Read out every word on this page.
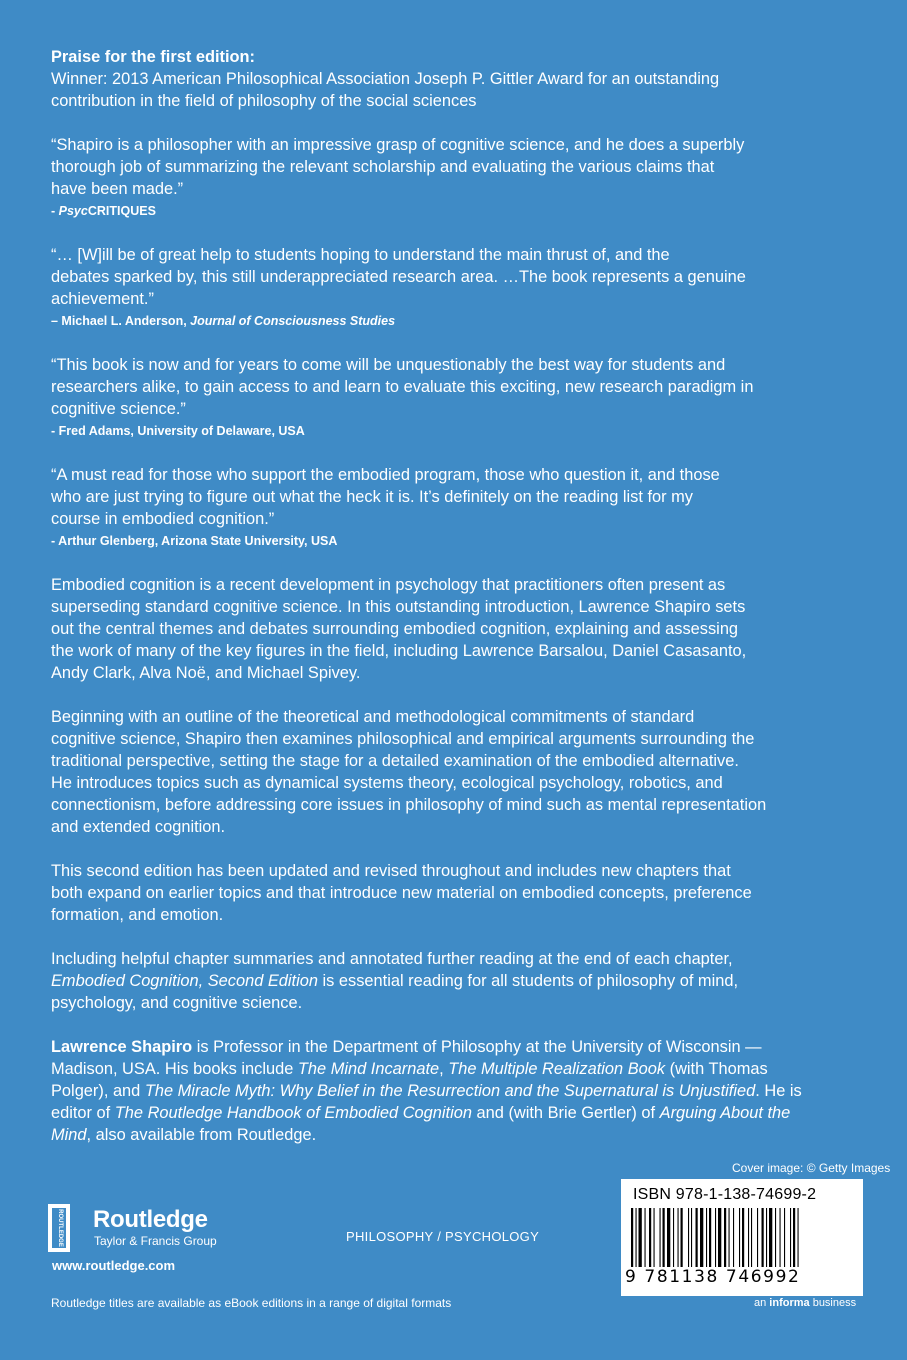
Praise for the first edition:

Winner: 2013 American Philosophical Association Joseph P. Gittler Award for an outstanding

contribution in the field of philosophy of the social sciences

“Shapiro is a philosopher with an impressive grasp of cognitive science, and he does a superbly

thorough job of summarizing the relevant scholarship and evaluating the various claims that

have been made.”

- PsycCRITIQUES

“… [W]ill be of great help to students hoping to understand the main thrust of, and the

debates sparked by, this still underappreciated research area. …The book represents a genuine

achievement.”

– Michael L. Anderson, Journal of Consciousness Studies

“This book is now and for years to come will be unquestionably the best way for students and

researchers alike, to gain access to and learn to evaluate this exciting, new research paradigm in

cognitive science.”

- Fred Adams, University of Delaware, USA

“A must read for those who support the embodied program, those who question it, and those

who are just trying to figure out what the heck it is. It’s definitely on the reading list for my

course in embodied cognition.”

- Arthur Glenberg, Arizona State University, USA

Embodied cognition is a recent development in psychology that practitioners often present as

superseding standard cognitive science. In this outstanding introduction, Lawrence Shapiro sets

out the central themes and debates surrounding embodied cognition, explaining and assessing

the work of many of the key figures in the field, including Lawrence Barsalou, Daniel Casasanto,

Andy Clark, Alva Noë, and Michael Spivey.

Beginning with an outline of the theoretical and methodological commitments of standard

cognitive science, Shapiro then examines philosophical and empirical arguments surrounding the

traditional perspective, setting the stage for a detailed examination of the embodied alternative.

He introduces topics such as dynamical systems theory, ecological psychology, robotics, and

connectionism, before addressing core issues in philosophy of mind such as mental representation

and extended cognition.

This second edition has been updated and revised throughout and includes new chapters that

both expand on earlier topics and that introduce new material on embodied concepts, preference

formation, and emotion.

Including helpful chapter summaries and annotated further reading at the end of each chapter,

Embodied Cognition, Second Edition is essential reading for all students of philosophy of mind,

psychology, and cognitive science.

Lawrence Shapiro is Professor in the Department of Philosophy at the University of Wisconsin —

Madison, USA. His books include The Mind Incarnate, The Multiple Realization Book (with Thomas

Polger), and The Miracle Myth: Why Belief in the Resurrection and the Supernatural is Unjustified. He is

editor of The Routledge Handbook of Embodied Cognition and (with Brie Gertler) of Arguing About the

Mind, also available from Routledge.

Cover image: © Getty Images
ROUTLEDGE Routledge
Taylor & Francis Group
www.routledge.com
PHILOSOPHY / PSYCHOLOGY
ISBN 978-1-138-74699-2
9 781138 746992
an informa business
Routledge titles are available as eBook editions in a range of digital formats
